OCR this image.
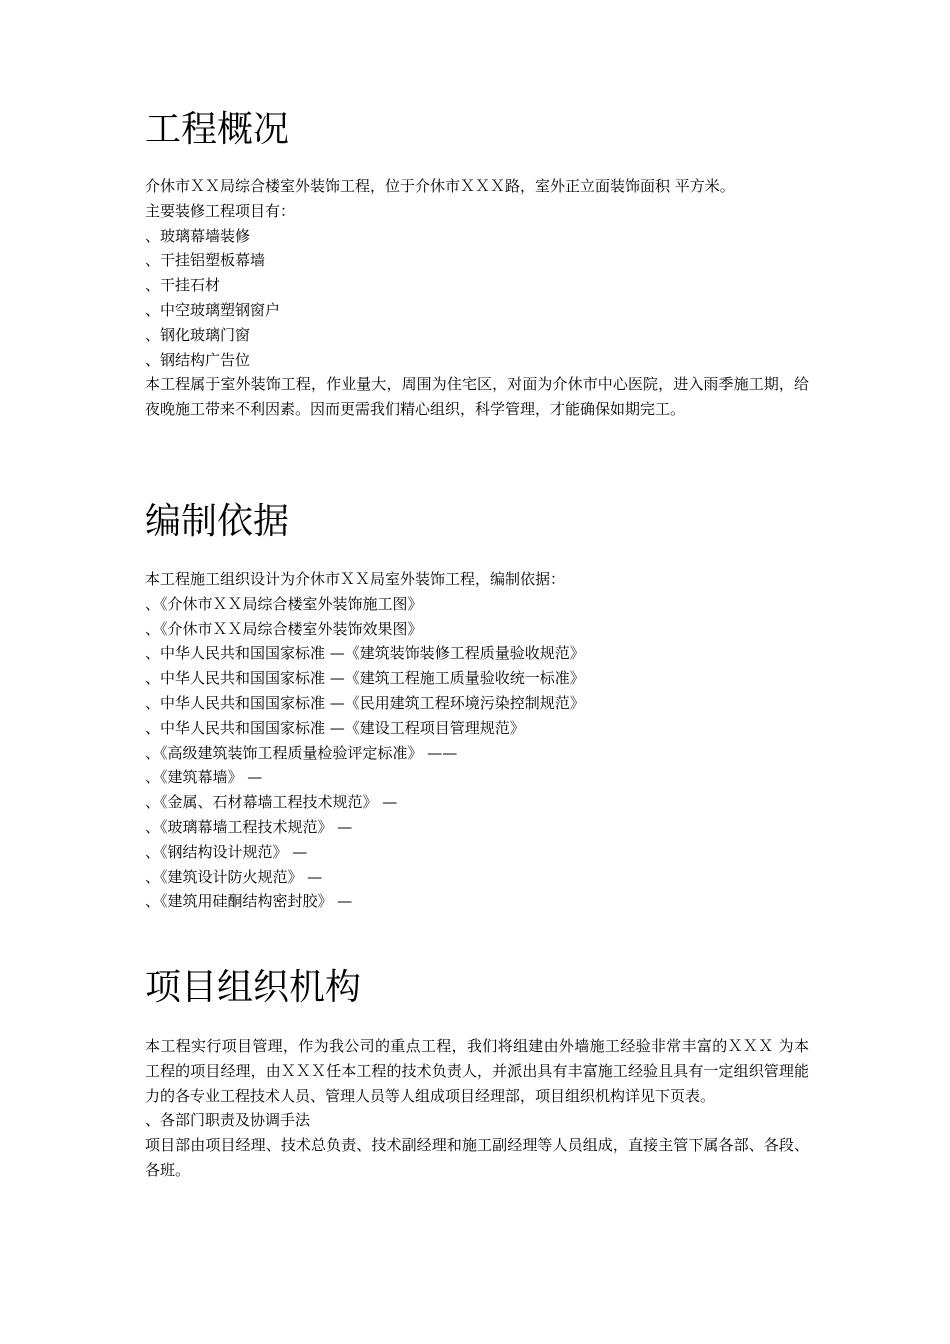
工程概况

介休市ＸＸ局综合楼室外装饰工程，位于介休市ＸＸＸ路，室外正立面装饰面积 平方米。

主要装修工程项目有：

、玻璃幕墙装修

、干挂铝塑板幕墙

、干挂石材

、中空玻璃塑钢窗户

、钢化玻璃门窗

、钢结构广告位

本工程属于室外装饰工程，作业量大，周围为住宅区，对面为介休市中心医院，进入雨季施工期，给夜晚施工带来不利因素。因而更需我们精心组织，科学管理，才能确保如期完工。

编制依据

本工程施工组织设计为介休市ＸＸ局室外装饰工程，编制依据：

、《介休市ＸＸ局综合楼室外装饰施工图》

、《介休市ＸＸ局综合楼室外装饰效果图》

、中华人民共和国国家标准 —《建筑装饰装修工程质量验收规范》

、中华人民共和国国家标准 —《建筑工程施工质量验收统一标准》

、中华人民共和国国家标准 —《民用建筑工程环境污染控制规范》

、中华人民共和国国家标准 —《建设工程项目管理规范》

、《高级建筑装饰工程质量检验评定标准》 ——

、《建筑幕墙》 —

、《金属、石材幕墙工程技术规范》 —

、《玻璃幕墙工程技术规范》 —

、《钢结构设计规范》 —

、《建筑设计防火规范》 —

、《建筑用硅酮结构密封胶》 —

项目组织机构

本工程实行项目管理，作为我公司的重点工程，我们将组建由外墙施工经验非常丰富的ＸＸＸ 为本工程的项目经理，由ＸＸＸ任本工程的技术负责人，并派出具有丰富施工经验且具有一定组织管理能力的各专业工程技术人员、管理人员等人组成项目经理部，项目组织机构详见下页表。

、各部门职责及协调手法

项目部由项目经理、技术总负责、技术副经理和施工副经理等人员组成，直接主管下属各部、各段、各班。
